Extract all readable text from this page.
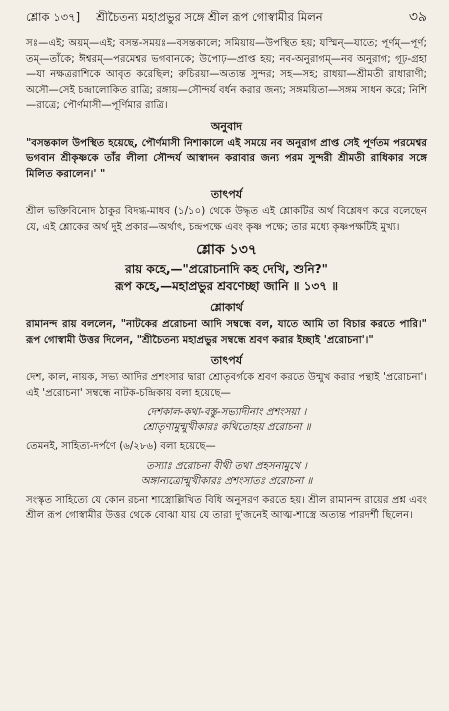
শ্লোক ১৩৭] শ্রীচৈতন্য মহাপ্রভুর সঙ্গে শ্রীল রূপ গোস্বামীর মিলন	৩৯

সঃ—এই; অয়ম্—এই; বসন্ত-সময়ঃ—বসন্তকালে; সমিয়ায়—উপস্থিত হয়; যস্মিন্—যাতে; পূর্ণম্—পূর্ণ; তম্—তাঁকে; ঈশ্বরম্—পরমেশ্বর ভগবানকে; উপোঢ়—প্রাপ্ত হয়; নব-অনুরাগম্—নব অনুরাগ; গূঢ়-গ্রহা—যা নক্ষত্ররাশিকে আবৃত করেছিল; রুচিরয়া—অত্যন্ত সুন্দর; সহ—সহ; রাধয়া—শ্রীমতী রাধারাণী; অসৌ—সেই চন্দ্রালোকিত রাত্রি; রঙ্গায়—সৌন্দর্য বর্ধন করার জন্য; সঙ্গময়িতা—সঙ্গম সাধন করে; নিশি—রাত্রে; পৌর্ণমাসী—পূর্ণিমার রাত্রি।

অনুবাদ

"বসন্তকাল উপস্থিত হয়েছে, পৌর্ণমাসী নিশাকালে এই সময়ে নব অনুরাগ প্রাপ্ত সেই পূর্ণতম পরমেশ্বর ভগবান শ্রীকৃষ্ণকে তাঁর লীলা সৌন্দর্য আস্বাদন করাবার জন্য পরম সুন্দরী শ্রীমতী রাধিকার সঙ্গে মিলিত করালেন।' "

তাৎপর্য

শ্রীল ভক্তিবিনোদ ঠাকুর বিদগ্ধ-মাধব (১/১০) থেকে উদ্ধৃত এই শ্লোকটির অর্থ বিশ্লেষণ করে বলেছেন যে, এই শ্লোকের অর্থ দুই প্রকার—অর্থাৎ, চন্দ্রপক্ষে এবং কৃষ্ণ পক্ষে; তার মধ্যে কৃষ্ণপক্ষটিই মুখ্য।

শ্লোক ১৩৭
রায় কহে,—"প্ররোচনাদি কহ দেখি, শুনি?"
রূপ কহে,—মহাপ্রভুর শ্রবণেচ্ছা জানি ॥ ১৩৭ ॥
শ্লোকার্থ

রামানন্দ রায় বললেন, "নাটকের প্ররোচনা আদি সম্বন্ধে বল, যাতে আমি তা বিচার করতে পারি।" রূপ গোস্বামী উত্তর দিলেন, "শ্রীচৈতন্য মহাপ্রভুর সম্বন্ধে শ্রবণ করার ইচ্ছাই 'প্ররোচনা'।"

তাৎপর্য

দেশ, কাল, নায়ক, সভ্য আদির প্রশংসার দ্বারা শ্রোতৃবর্গকে শ্রবণ করতে উন্মুখ করার পন্থাই 'প্ররোচনা'। এই 'প্ররোচনা' সম্বন্ধে নাটক-চন্দ্রিকায় বলা হয়েছে—

দেশকাল-কথা-বস্তু-সভ্যাদীনাং প্রশংসয়া ।
শ্রোতৃণামুন্মুখীকারঃ কথিতোহয় প্ররোচনা ॥

তেমনই, সাহিত্য-দর্পণে (৬/২৮৬) বলা হয়েছে—

তস্যাঃ প্ররোচনা বীথী তথা প্রহসনামুখে ।
অঙ্গান্যত্রোন্মুখীকারঃ প্রশংসাতঃ প্ররোচনা ॥

সংস্কৃত সাহিত্যে যে কোন রচনা শাস্ত্রোল্লিখিত বিধি অনুসরণ করতে হয়। শ্রীল রামানন্দ রায়ের প্রশ্ন এবং শ্রীল রূপ গোস্বামীর উত্তর থেকে বোঝা যায় যে তারা দু'জনেই আত্ম-শাস্ত্রে অত্যন্ত পারদর্শী ছিলেন।
